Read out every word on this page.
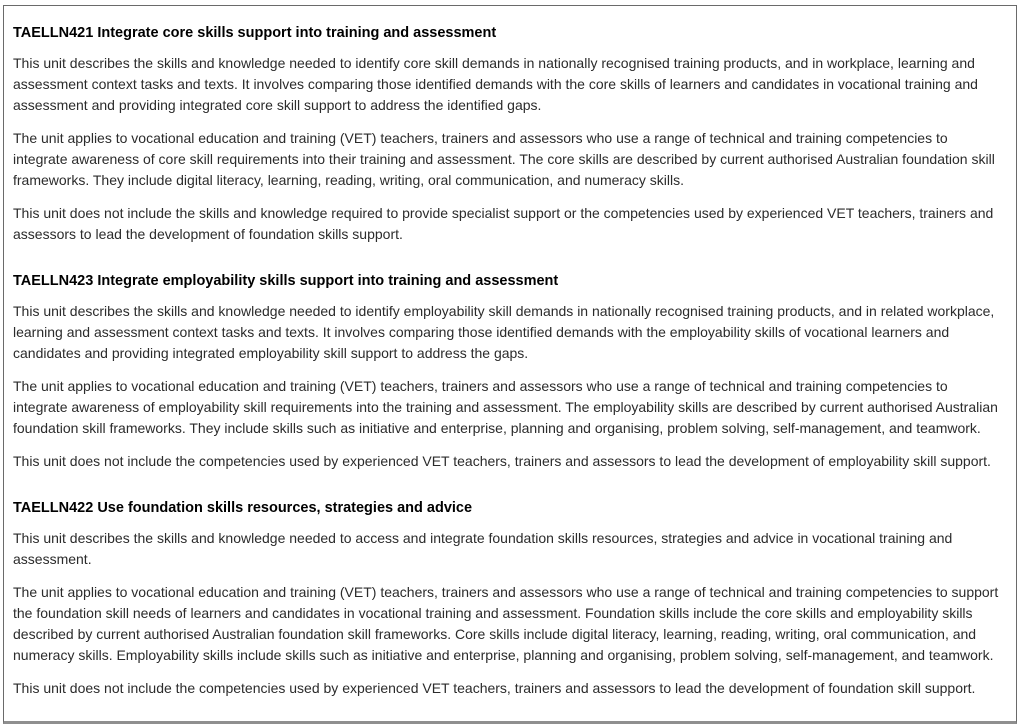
TAELLN421 Integrate core skills support into training and assessment

This unit describes the skills and knowledge needed to identify core skill demands in nationally recognised training products, and in workplace, learning and assessment context tasks and texts. It involves comparing those identified demands with the core skills of learners and candidates in vocational training and assessment and providing integrated core skill support to address the identified gaps.

The unit applies to vocational education and training (VET) teachers, trainers and assessors who use a range of technical and training competencies to integrate awareness of core skill requirements into their training and assessment. The core skills are described by current authorised Australian foundation skill frameworks. They include digital literacy, learning, reading, writing, oral communication, and numeracy skills.

This unit does not include the skills and knowledge required to provide specialist support or the competencies used by experienced VET teachers, trainers and assessors to lead the development of foundation skills support.

TAELLN423 Integrate employability skills support into training and assessment

This unit describes the skills and knowledge needed to identify employability skill demands in nationally recognised training products, and in related workplace, learning and assessment context tasks and texts. It involves comparing those identified demands with the employability skills of vocational learners and candidates and providing integrated employability skill support to address the gaps.

The unit applies to vocational education and training (VET) teachers, trainers and assessors who use a range of technical and training competencies to integrate awareness of employability skill requirements into the training and assessment. The employability skills are described by current authorised Australian foundation skill frameworks. They include skills such as initiative and enterprise, planning and organising, problem solving, self-management, and teamwork.

This unit does not include the competencies used by experienced VET teachers, trainers and assessors to lead the development of employability skill support.

TAELLN422 Use foundation skills resources, strategies and advice

This unit describes the skills and knowledge needed to access and integrate foundation skills resources, strategies and advice in vocational training and assessment.

The unit applies to vocational education and training (VET) teachers, trainers and assessors who use a range of technical and training competencies to support the foundation skill needs of learners and candidates in vocational training and assessment. Foundation skills include the core skills and employability skills described by current authorised Australian foundation skill frameworks. Core skills include digital literacy, learning, reading, writing, oral communication, and numeracy skills. Employability skills include skills such as initiative and enterprise, planning and organising, problem solving, self-management, and teamwork.

This unit does not include the competencies used by experienced VET teachers, trainers and assessors to lead the development of foundation skill support.
